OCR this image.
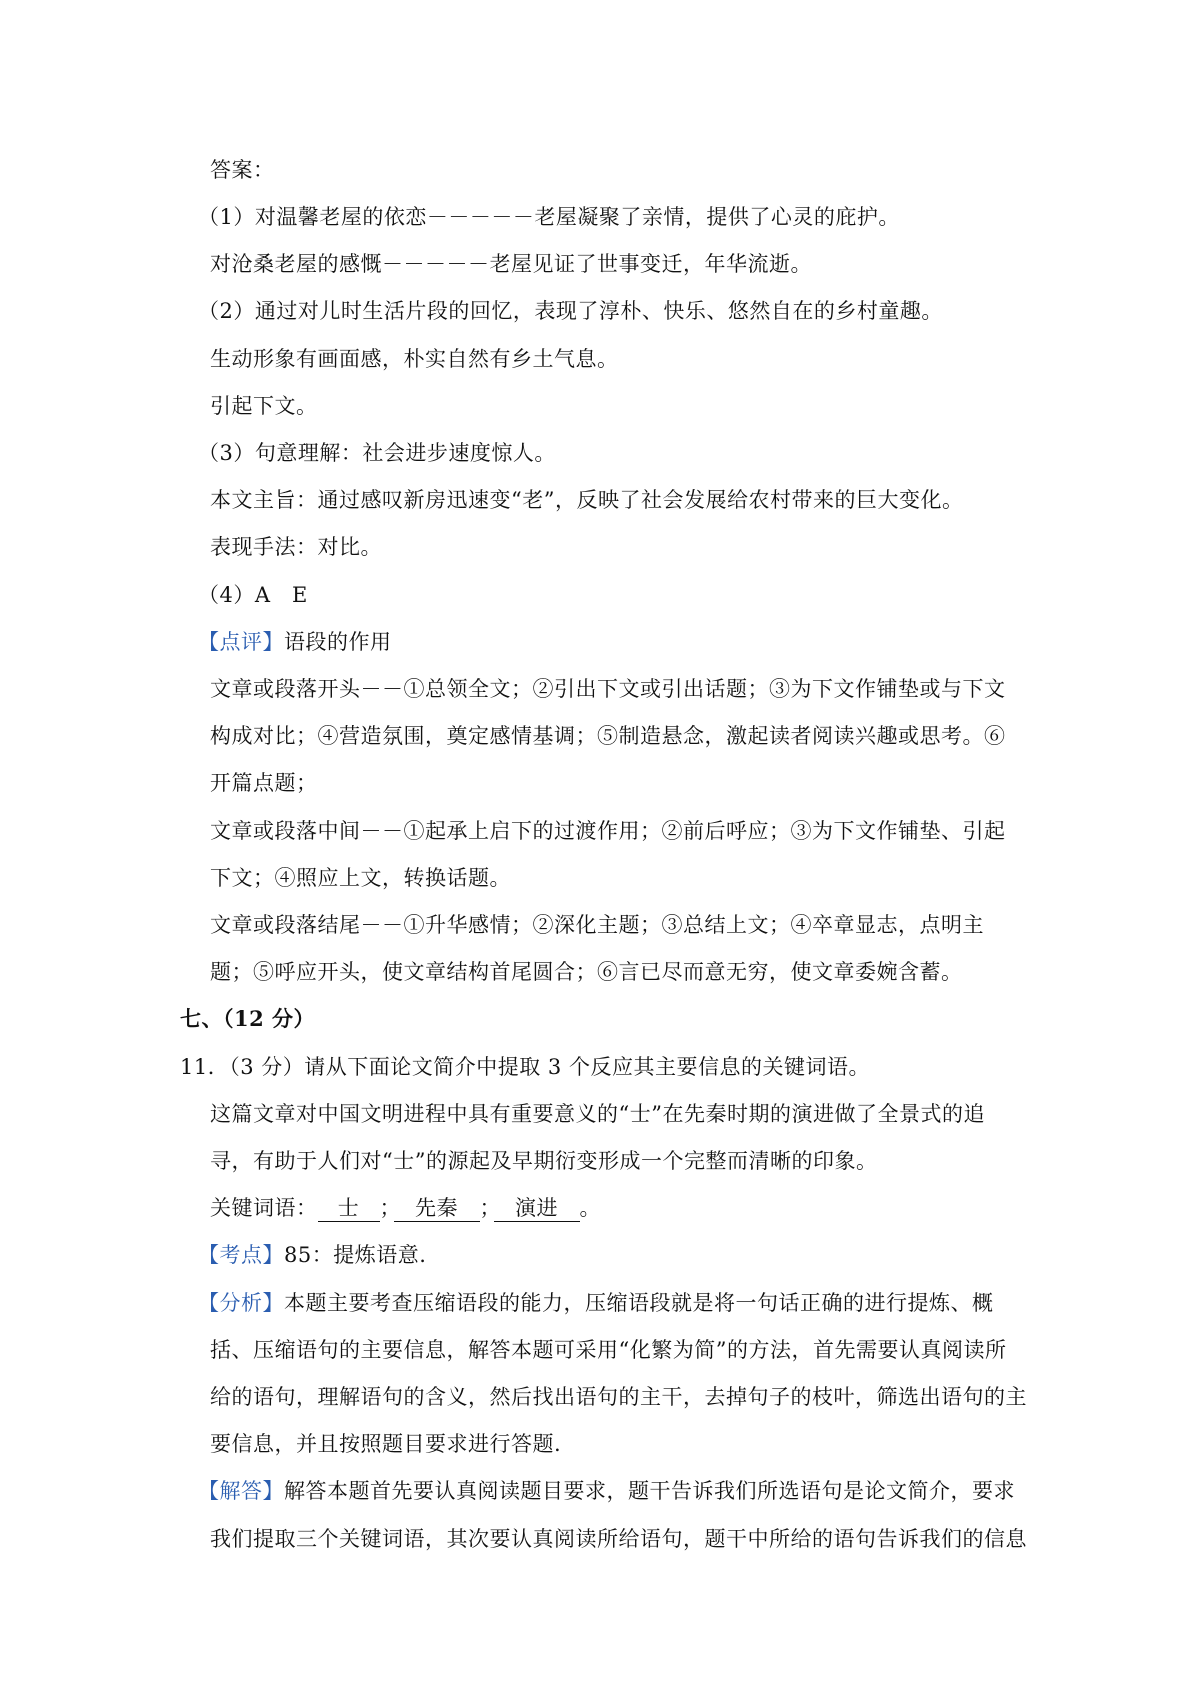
答案：
（1）对温馨老屋的依恋－－－－－老屋凝聚了亲情，提供了心灵的庇护。
对沧桑老屋的感慨－－－－－老屋见证了世事变迁，年华流逝。
（2）通过对儿时生活片段的回忆，表现了淳朴、快乐、悠然自在的乡村童趣。
生动形象有画面感，朴实自然有乡土气息。
引起下文。
（3）句意理解：社会进步速度惊人。
本文主旨：通过感叹新房迅速变“老”，反映了社会发展给农村带来的巨大变化。
表现手法：对比。
（4）A　E
【点评】语段的作用
文章或段落开头－－①总领全文；②引出下文或引出话题；③为下文作铺垫或与下文
构成对比；④营造氛围，奠定感情基调；⑤制造悬念，激起读者阅读兴趣或思考。⑥
开篇点题；
文章或段落中间－－①起承上启下的过渡作用；②前后呼应；③为下文作铺垫、引起
下文；④照应上文，转换话题。
文章或段落结尾－－①升华感情；②深化主题；③总结上文；④卒章显志，点明主
题；⑤呼应开头，使文章结构首尾圆合；⑥言已尽而意无穷，使文章委婉含蓄。
七、（12 分）
11．（3 分）请从下面论文简介中提取 3 个反应其主要信息的关键词语。
这篇文章对中国文明进程中具有重要意义的“士”在先秦时期的演进做了全景式的追
寻，有助于人们对“士”的源起及早期衍变形成一个完整而清晰的印象。
关键词语： 士 ； 先秦 ； 演进 。
【考点】85：提炼语意.
【分析】本题主要考查压缩语段的能力，压缩语段就是将一句话正确的进行提炼、概
括、压缩语句的主要信息，解答本题可采用“化繁为简”的方法，首先需要认真阅读所
给的语句，理解语句的含义，然后找出语句的主干，去掉句子的枝叶，筛选出语句的主
要信息，并且按照题目要求进行答题.
【解答】解答本题首先要认真阅读题目要求，题干告诉我们所选语句是论文简介，要求
我们提取三个关键词语，其次要认真阅读所给语句，题干中所给的语句告诉我们的信息
